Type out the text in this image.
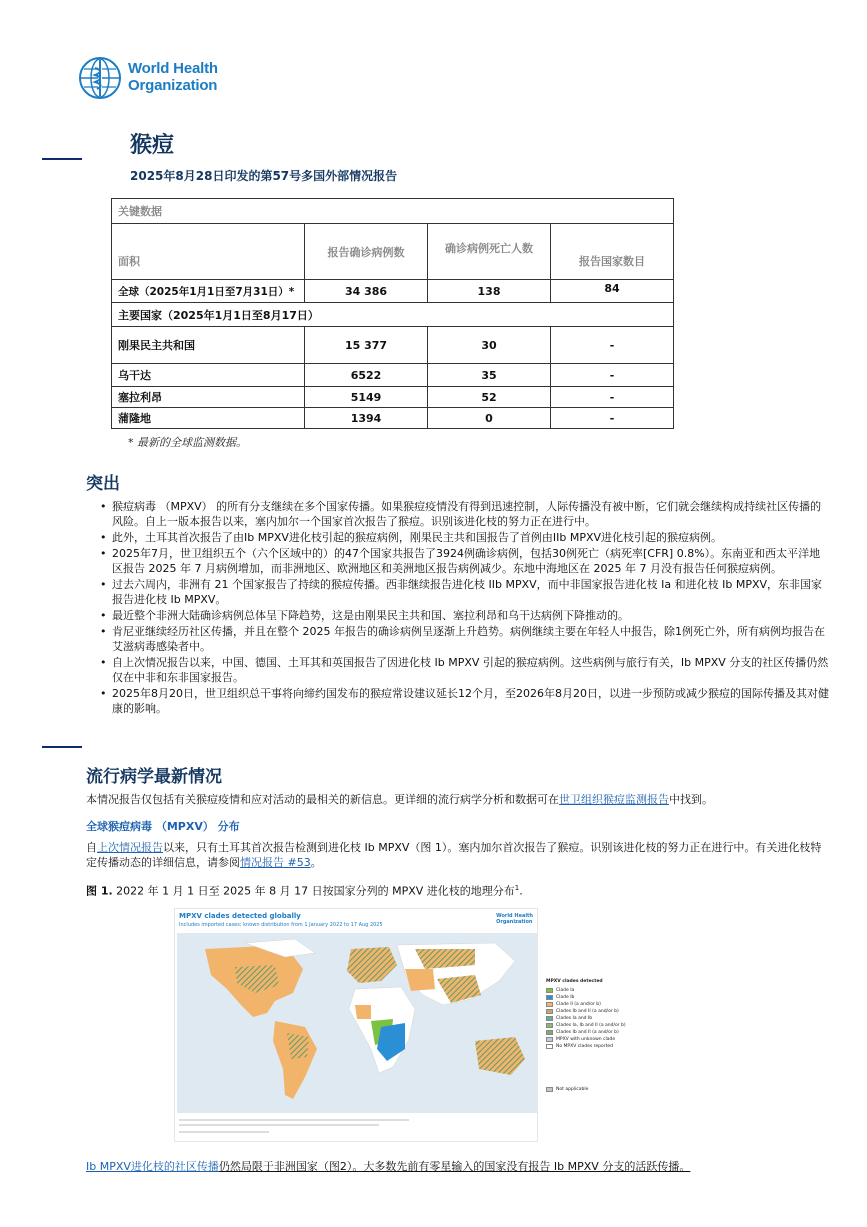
World Health
Organization
猴痘
2025年8月28日印发的第57号多国外部情况报告
关键数据			
面积	报告确诊病例数	确诊病例死亡人数	报告国家数目
全球（2025年1月1日至7月31日）*	34 386	138	84
主要国家（2025年1月1日至8月17日）			
刚果民主共和国	15 377	30	-
乌干达	6522	35	-
塞拉利昂	5149	52	-
蒲隆地	1394	0	-
* 最新的全球监测数据。
突出
• 猴痘病毒 （MPXV） 的所有分支继续在多个国家传播。如果猴痘疫情没有得到迅速控制，人际传播没有被中断，它们就会继续构成持续社区传播的风险。自上一版本报告以来，塞内加尔一个国家首次报告了猴痘。识别该进化枝的努力正在进行中。
• 此外，土耳其首次报告了由Ib MPXV进化枝引起的猴痘病例，刚果民主共和国报告了首例由IIb MPXV进化枝引起的猴痘病例。
• 2025年7月，世卫组织五个（六个区域中的）的47个国家共报告了3924例确诊病例，包括30例死亡（病死率[CFR] 0.8%）。东南亚和西太平洋地区报告 2025 年 7 月病例增加，而非洲地区、欧洲地区和美洲地区报告病例减少。东地中海地区在 2025 年 7 月没有报告任何猴痘病例。
• 过去六周内，非洲有 21 个国家报告了持续的猴痘传播。西非继续报告进化枝 IIb MPXV，而中非国家报告进化枝 Ia 和进化枝 Ib MPXV，东非国家报告进化枝 Ib MPXV。
• 最近整个非洲大陆确诊病例总体呈下降趋势，这是由刚果民主共和国、塞拉利昂和乌干达病例下降推动的。
• 肯尼亚继续经历社区传播，并且在整个 2025 年报告的确诊病例呈逐渐上升趋势。病例继续主要在年轻人中报告，除1例死亡外，所有病例均报告在艾滋病毒感染者中。
• 自上次情况报告以来，中国、德国、土耳其和英国报告了因进化枝 Ib MPXV 引起的猴痘病例。这些病例与旅行有关，Ib MPXV 分支的社区传播仍然仅在中非和东非国家报告。
• 2025年8月20日，世卫组织总干事将向缔约国发布的猴痘常设建议延长12个月，至2026年8月20日，以进一步预防或减少猴痘的国际传播及其对健康的影响。
流行病学最新情况
本情况报告仅包括有关猴痘疫情和应对活动的最相关的新信息。更详细的流行病学分析和数据可在世卫组织猴痘监测报告中找到。
全球猴痘病毒 （MPXV） 分布
自上次情况报告以来，只有土耳其首次报告检测到进化枝 Ib MPXV（图 1）。塞内加尔首次报告了猴痘。识别该进化枝的努力正在进行中。有关进化枝特定传播动态的详细信息，请参阅情况报告 #53。
图 1. 2022 年 1 月 1 日至 2025 年 8 月 17 日按国家分列的 MPXV 进化枝的地理分布$^1$.
MPXV clades detected globally
Includes imported cases; known distribution from 1 January 2022 to 17 Aug 2025
World Health
Organization
MPXV clades detected
Clade Ia
Clade Ib
Clade II (a and/or b)
Clades Ib and II (a and/or b)
Clades Ia and Ib
Clades Ia, Ib and II (a and/or b)
Clades Ib and II (a and/or b)
MPXV with unknown clade
No MPXV clades reported
Not applicable
Ib MPXV进化枝的社区传播仍然局限于非洲国家（图2）。大多数先前有零星输入的国家没有报告 Ib MPXV 分支的活跃传播。
